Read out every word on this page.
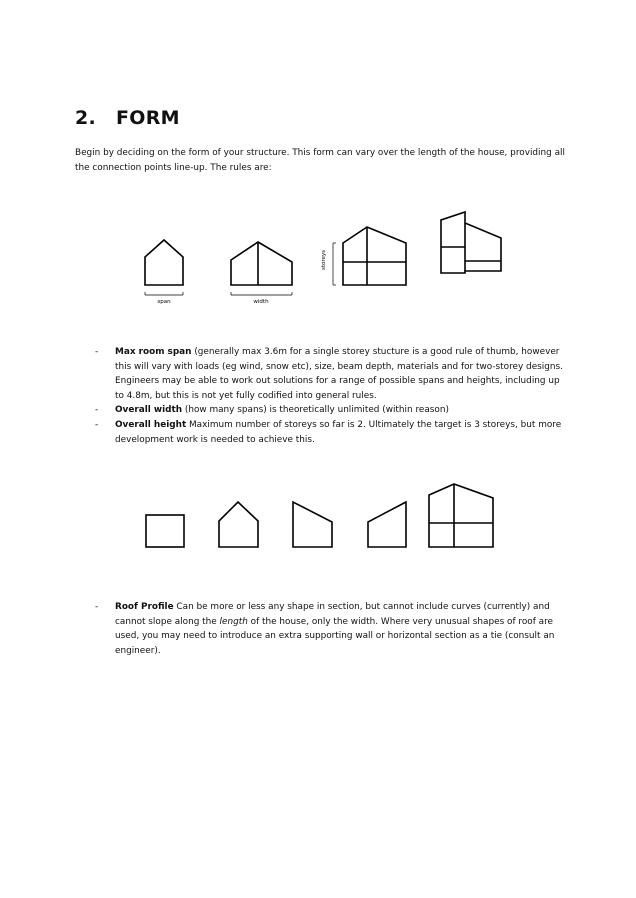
2. FORM

Begin by deciding on the form of your structure. This form can vary over the length of the house, providing all the connection points line-up. The rules are:

span	width
storeys
- Max room span (generally max 3.6m for a single storey stucture is a good rule of thumb, however this will vary with loads (eg wind, snow etc), size, beam depth, materials and for two-storey designs. Engineers may be able to work out solutions for a range of possible spans and heights, including up to 4.8m, but this is not yet fully codified into general rules.
- Overall width (how many spans) is theoretically unlimited (within reason)
- Overall height Maximum number of storeys so far is 2. Ultimately the target is 3 storeys, but more development work is needed to achieve this.
- Roof Profile Can be more or less any shape in section, but cannot include curves (currently) and cannot slope along the length of the house, only the width. Where very unusual shapes of roof are used, you may need to introduce an extra supporting wall or horizontal section as a tie (consult an engineer).
